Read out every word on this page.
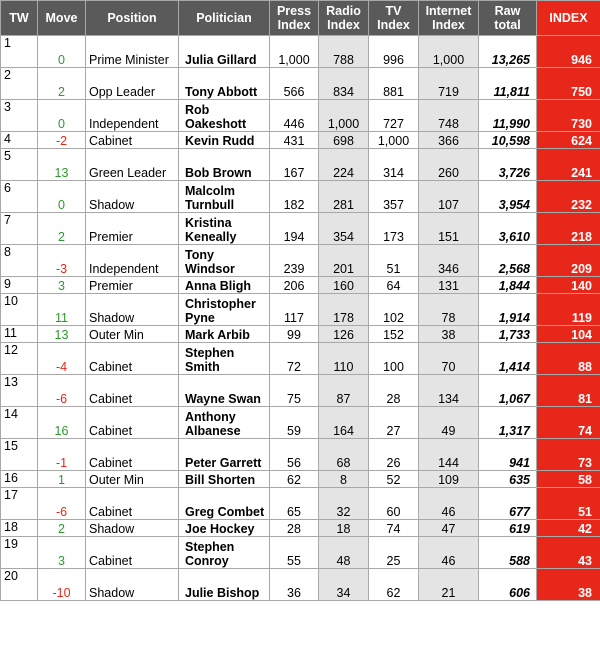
TW	Move	Position	Politician	Press Index	Radio Index	TV Index	Internet Index	Raw total	INDEX
1	0	Prime Minister	Julia Gillard	1,000	788	996	1,000	13,265	946
2	2	Opp Leader	Tony Abbott	566	834	881	719	11,811	750
3	0	Independent	Rob Oakeshott	446	1,000	727	748	11,990	730
4	-2	Cabinet	Kevin Rudd	431	698	1,000	366	10,598	624
5	13	Green Leader	Bob Brown	167	224	314	260	3,726	241
6	0	Shadow	Malcolm Turnbull	182	281	357	107	3,954	232
7	2	Premier	Kristina Keneally	194	354	173	151	3,610	218
8	-3	Independent	Tony Windsor	239	201	51	346	2,568	209
9	3	Premier	Anna Bligh	206	160	64	131	1,844	140
10	11	Shadow	Christopher Pyne	117	178	102	78	1,914	119
11	13	Outer Min	Mark Arbib	99	126	152	38	1,733	104
12	-4	Cabinet	Stephen Smith	72	110	100	70	1,414	88
13	-6	Cabinet	Wayne Swan	75	87	28	134	1,067	81
14	16	Cabinet	Anthony Albanese	59	164	27	49	1,317	74
15	-1	Cabinet	Peter Garrett	56	68	26	144	941	73
16	1	Outer Min	Bill Shorten	62	8	52	109	635	58
17	-6	Cabinet	Greg Combet	65	32	60	46	677	51
18	2	Shadow	Joe Hockey	28	18	74	47	619	42
19	3	Cabinet	Stephen Conroy	55	48	25	46	588	43
20	-10	Shadow	Julie Bishop	36	34	62	21	606	38
